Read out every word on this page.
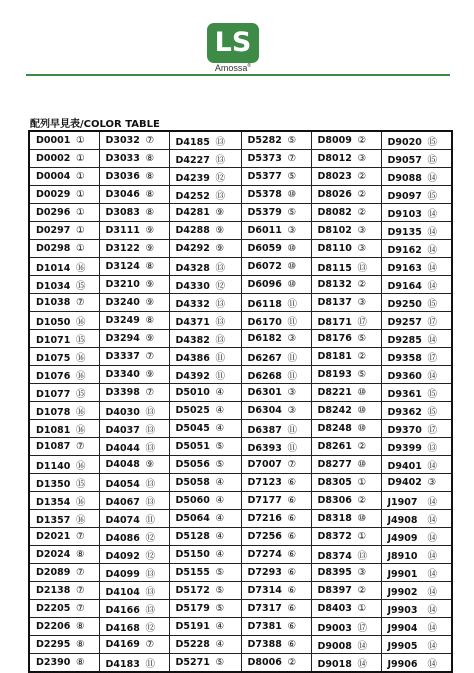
LS
Amossa®
配列早見表/COLOR TABLE
D0001 ①	D3032 ⑦	D4185 ⑬	D5282 ⑤	D8009 ②	D9020 ⑮
D0002 ①	D3033 ⑧	D4227 ⑬	D5373 ⑦	D8012 ③	D9057 ⑮
D0004 ①	D3036 ⑧	D4239 ⑫	D5377 ⑤	D8023 ②	D9088 ⑭
D0029 ①	D3046 ⑧	D4252 ⑬	D5378 ⑩	D8026 ②	D9097 ⑮
D0296 ①	D3083 ⑧	D4281 ⑨	D5379 ⑤	D8082 ②	D9103 ⑭
D0297 ①	D3111 ⑨	D4288 ⑨	D6011 ③	D8102 ③	D9135 ⑭
D0298 ①	D3122 ⑨	D4292 ⑨	D6059 ⑩	D8110 ③	D9162 ⑭
D1014 ⑯	D3124 ⑧	D4328 ⑬	D6072 ⑩	D8115 ⑬	D9163 ⑭
D1034 ⑮	D3210 ⑨	D4330 ⑫	D6096 ⑩	D8132 ②	D9164 ⑭
D1038 ⑦	D3240 ⑨	D4332 ⑬	D6118 ⑪	D8137 ③	D9250 ⑮
D1050 ⑯	D3249 ⑧	D4371 ⑬	D6170 ⑪	D8171 ⑰	D9257 ⑰
D1071 ⑮	D3294 ⑨	D4382 ⑬	D6182 ③	D8176 ⑤	D9285 ⑭
D1075 ⑯	D3337 ⑦	D4386 ⑪	D6267 ⑪	D8181 ②	D9358 ⑰
D1076 ⑯	D3340 ⑨	D4392 ⑪	D6268 ⑪	D8193 ⑤	D9360 ⑭
D1077 ⑮	D3398 ⑦	D5010 ④	D6301 ③	D8221 ⑩	D9361 ⑮
D1078 ⑯	D4030 ⑬	D5025 ④	D6304 ③	D8242 ⑩	D9362 ⑮
D1081 ⑯	D4037 ⑬	D5045 ④	D6387 ⑪	D8248 ⑩	D9370 ⑰
D1087 ⑦	D4044 ⑬	D5051 ⑤	D6393 ⑪	D8261 ②	D9399 ⑬
D1140 ⑯	D4048 ⑨	D5056 ⑤	D7007 ⑦	D8277 ⑩	D9401 ⑭
D1350 ⑮	D4054 ⑬	D5058 ④	D7123 ⑥	D8305 ①	D9402 ③
D1354 ⑯	D4067 ⑬	D5060 ④	D7177 ⑥	D8306 ②	J1907 ⑭
D1357 ⑯	D4074 ⑪	D5064 ④	D7216 ⑥	D8318 ⑩	J4908 ⑭
D2021 ⑦	D4086 ⑫	D5128 ④	D7256 ⑥	D8372 ①	J4909 ⑭
D2024 ⑧	D4092 ⑫	D5150 ④	D7274 ⑥	D8374 ⑬	J8910 ⑭
D2089 ⑦	D4099 ⑬	D5155 ⑤	D7293 ⑥	D8395 ③	J9901 ⑭
D2138 ⑦	D4104 ⑬	D5172 ⑤	D7314 ⑥	D8397 ②	J9902 ⑭
D2205 ⑦	D4166 ⑬	D5179 ⑤	D7317 ⑥	D8403 ①	J9903 ⑭
D2206 ⑧	D4168 ⑫	D5191 ④	D7381 ⑥	D9003 ⑰	J9904 ⑭
D2295 ⑧	D4169 ⑦	D5228 ④	D7388 ⑥	D9008 ⑭	J9905 ⑭
D2390 ⑧	D4183 ⑪	D5271 ⑤	D8006 ②	D9018 ⑭	J9906 ⑭
